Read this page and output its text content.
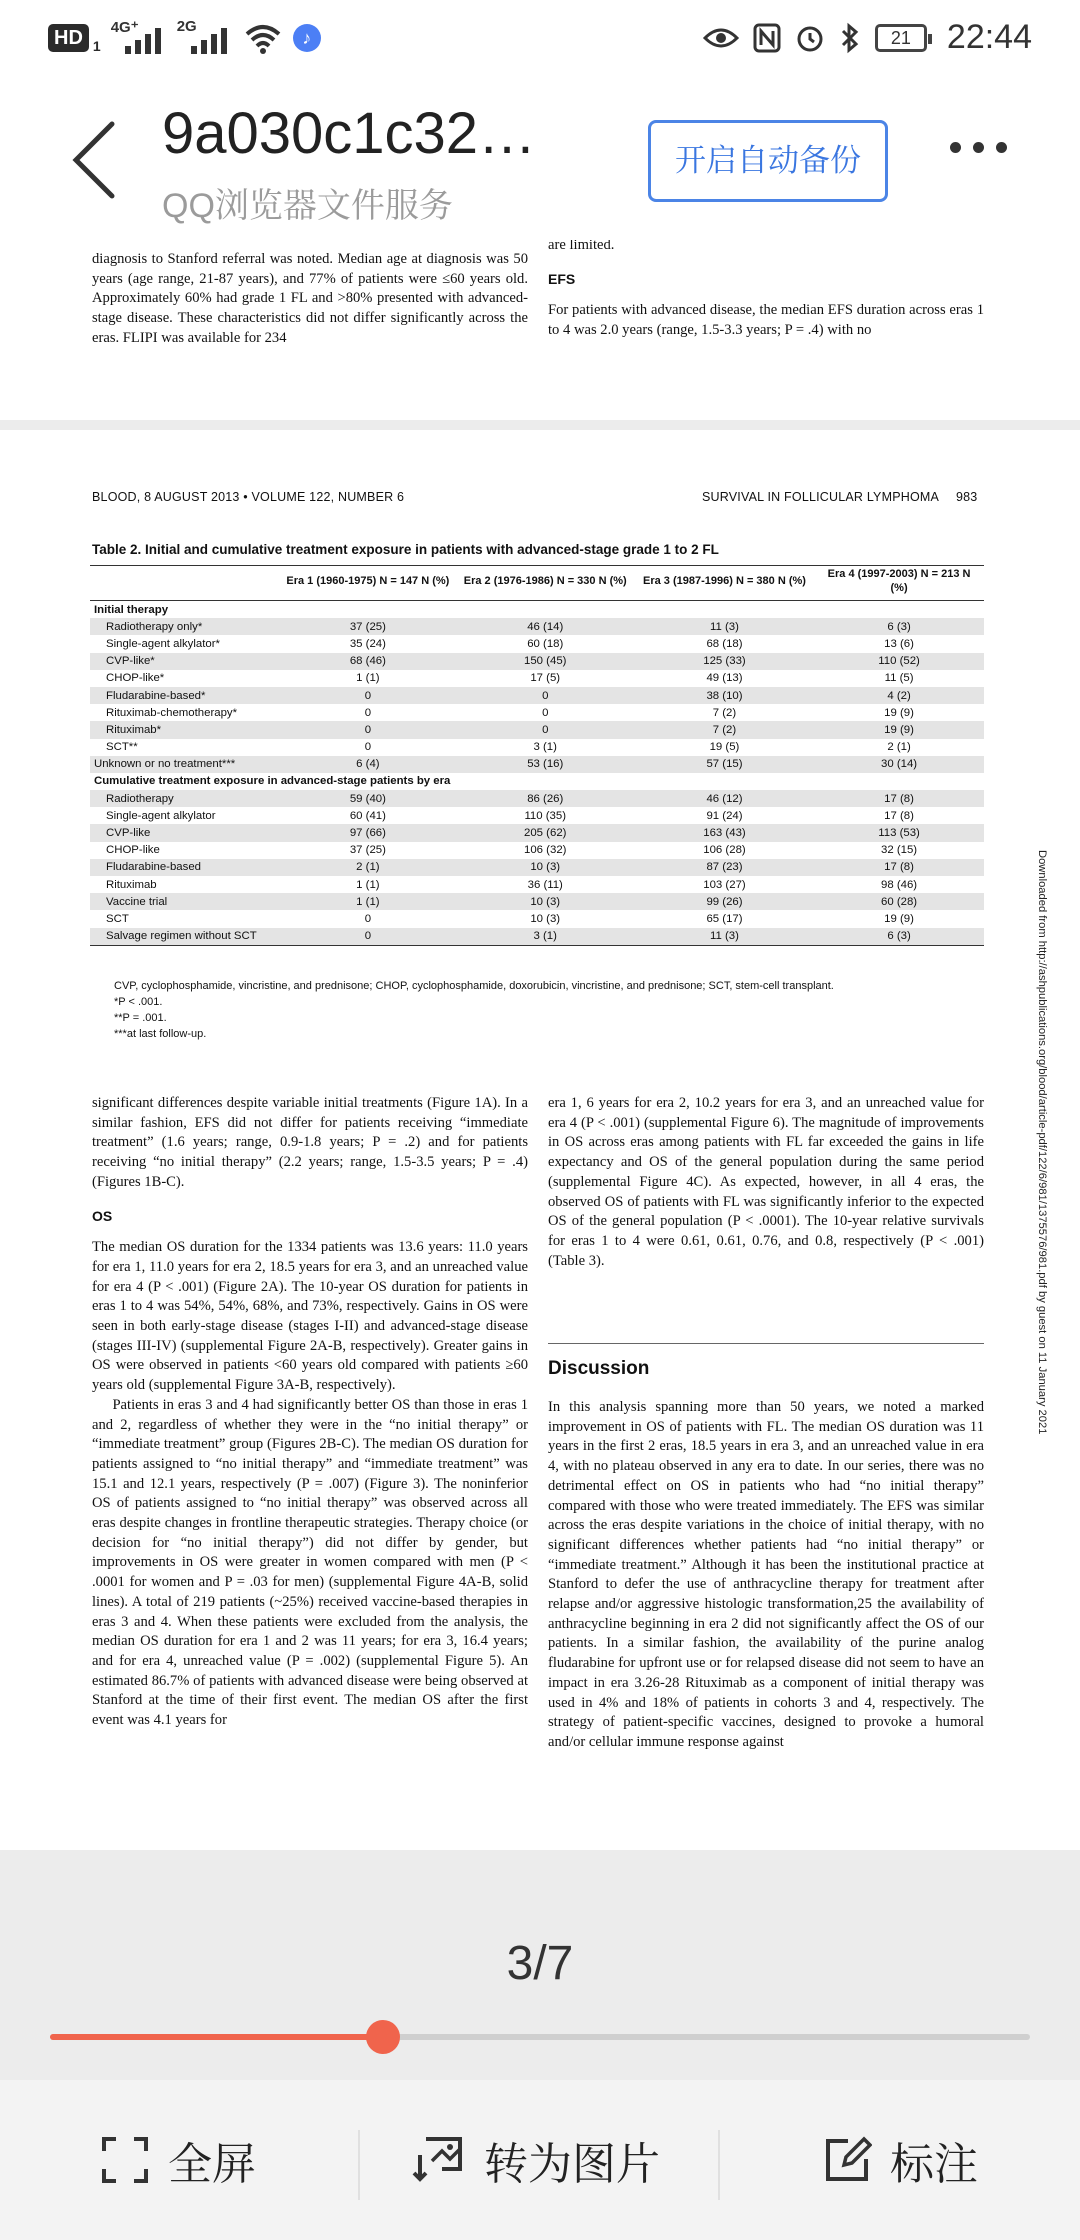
HD 1
4G⁺	2G
♪	21	22:44
9a030c1c32…
QQ浏览器文件服务
开启自动备份

diagnosis to Stanford referral was noted. Median age at diagnosis was 50 years (age range, 21-87 years), and 77% of patients were ≤60 years old. Approximately 60% had grade 1 FL and >80% presented with advanced-stage disease. These characteristics did not differ significantly across the eras. FLIPI was available for 234

are limited.

EFS

For patients with advanced disease, the median EFS duration across eras 1 to 4 was 2.0 years (range, 1.5-3.3 years; P = .4) with no

BLOOD, 8 AUGUST 2013 • VOLUME 122, NUMBER 6	SURVIVAL IN FOLLICULAR LYMPHOMA 983
Table 2. Initial and cumulative treatment exposure in patients with advanced-stage grade 1 to 2 FL
	Era 1 (1960-1975) N = 147 N (%)	Era 2 (1976-1986) N = 330 N (%)	Era 3 (1987-1996) N = 380 N (%)	Era 4 (1997-2003) N = 213 N (%)
Initial therapy				
Radiotherapy only*	37 (25)	46 (14)	11 (3)	6 (3)
Single-agent alkylator*	35 (24)	60 (18)	68 (18)	13 (6)
CVP-like*	68 (46)	150 (45)	125 (33)	110 (52)
CHOP-like*	1 (1)	17 (5)	49 (13)	11 (5)
Fludarabine-based*	0	0	38 (10)	4 (2)
Rituximab-chemotherapy*	0	0	7 (2)	19 (9)
Rituximab*	0	0	7 (2)	19 (9)
SCT**	0	3 (1)	19 (5)	2 (1)
Unknown or no treatment***	6 (4)	53 (16)	57 (15)	30 (14)
Cumulative treatment exposure in advanced-stage patients by era				
Radiotherapy	59 (40)	86 (26)	46 (12)	17 (8)
Single-agent alkylator	60 (41)	110 (35)	91 (24)	17 (8)
CVP-like	97 (66)	205 (62)	163 (43)	113 (53)
CHOP-like	37 (25)	106 (32)	106 (28)	32 (15)
Fludarabine-based	2 (1)	10 (3)	87 (23)	17 (8)
Rituximab	1 (1)	36 (11)	103 (27)	98 (46)
Vaccine trial	1 (1)	10 (3)	99 (26)	60 (28)
SCT	0	10 (3)	65 (17)	19 (9)
Salvage regimen without SCT	0	3 (1)	11 (3)	6 (3)
CVP, cyclophosphamide, vincristine, and prednisone; CHOP, cyclophosphamide, doxorubicin, vincristine, and prednisone; SCT, stem-cell transplant.
*P < .001.
**P = .001.
***at last follow-up.

significant differences despite variable initial treatments (Figure 1A). In a similar fashion, EFS did not differ for patients receiving “immediate treatment” (1.6 years; range, 0.9-1.8 years; P = .2) and for patients receiving “no initial therapy” (2.2 years; range, 1.5-3.5 years; P = .4) (Figures 1B-C).

OS

The median OS duration for the 1334 patients was 13.6 years: 11.0 years for era 1, 11.0 years for era 2, 18.5 years for era 3, and an unreached value for era 4 (P < .001) (Figure 2A). The 10-year OS duration for patients in eras 1 to 4 was 54%, 54%, 68%, and 73%, respectively. Gains in OS were seen in both early-stage disease (stages I-II) and advanced-stage disease (stages III-IV) (supplemental Figure 2A-B, respectively). Greater gains in OS were observed in patients <60 years old compared with patients ≥60 years old (supplemental Figure 3A-B, respectively).

Patients in eras 3 and 4 had significantly better OS than those in eras 1 and 2, regardless of whether they were in the “no initial therapy” or “immediate treatment” group (Figures 2B-C). The median OS duration for patients assigned to “no initial therapy” and “immediate treatment” was 15.1 and 12.1 years, respectively (P = .007) (Figure 3). The noninferior OS of patients assigned to “no initial therapy” was observed across all eras despite changes in frontline therapeutic strategies. Therapy choice (or decision for “no initial therapy”) did not differ by gender, but improvements in OS were greater in women compared with men (P < .0001 for women and P = .03 for men) (supplemental Figure 4A-B, solid lines). A total of 219 patients (~25%) received vaccine-based therapies in eras 3 and 4. When these patients were excluded from the analysis, the median OS duration for era 1 and 2 was 11 years; for era 3, 16.4 years; and for era 4, unreached value (P = .002) (supplemental Figure 5). An estimated 86.7% of patients with advanced disease were being observed at Stanford at the time of their first event. The median OS after the first event was 4.1 years for

era 1, 6 years for era 2, 10.2 years for era 3, and an unreached value for era 4 (P < .001) (supplemental Figure 6). The magnitude of improvements in OS across eras among patients with FL far exceeded the gains in life expectancy and OS of the general population during the same period (supplemental Figure 4C). As expected, however, in all 4 eras, the observed OS of patients with FL was significantly inferior to the expected OS of the general population (P < .0001). The 10-year relative survivals for eras 1 to 4 were 0.61, 0.61, 0.76, and 0.8, respectively (P < .001) (Table 3).

Discussion

In this analysis spanning more than 50 years, we noted a marked improvement in OS of patients with FL. The median OS duration was 11 years in the first 2 eras, 18.5 years in era 3, and an unreached value in era 4, with no plateau observed in any era to date. In our series, there was no detrimental effect on OS in patients who had “no initial therapy” compared with those who were treated immediately. The EFS was similar across the eras despite variations in the choice of initial therapy, with no significant differences whether patients had “no initial therapy” or “immediate treatment.” Although it has been the institutional practice at Stanford to defer the use of anthracycline therapy for treatment after relapse and/or aggressive histologic transformation,25 the availability of anthracycline beginning in era 2 did not significantly affect the OS of our patients. In a similar fashion, the availability of the purine analog fludarabine for upfront use or for relapsed disease did not seem to have an impact in era 3.26-28 Rituximab as a component of initial therapy was used in 4% and 18% of patients in cohorts 3 and 4, respectively. The strategy of patient-specific vaccines, designed to provoke a humoral and/or cellular immune response against

Downloaded from http://ashpublications.org/blood/article-pdf/122/6/981/1375576/981.pdf by guest on 11 January 2021
3/7
全屏	转为图片	标注
